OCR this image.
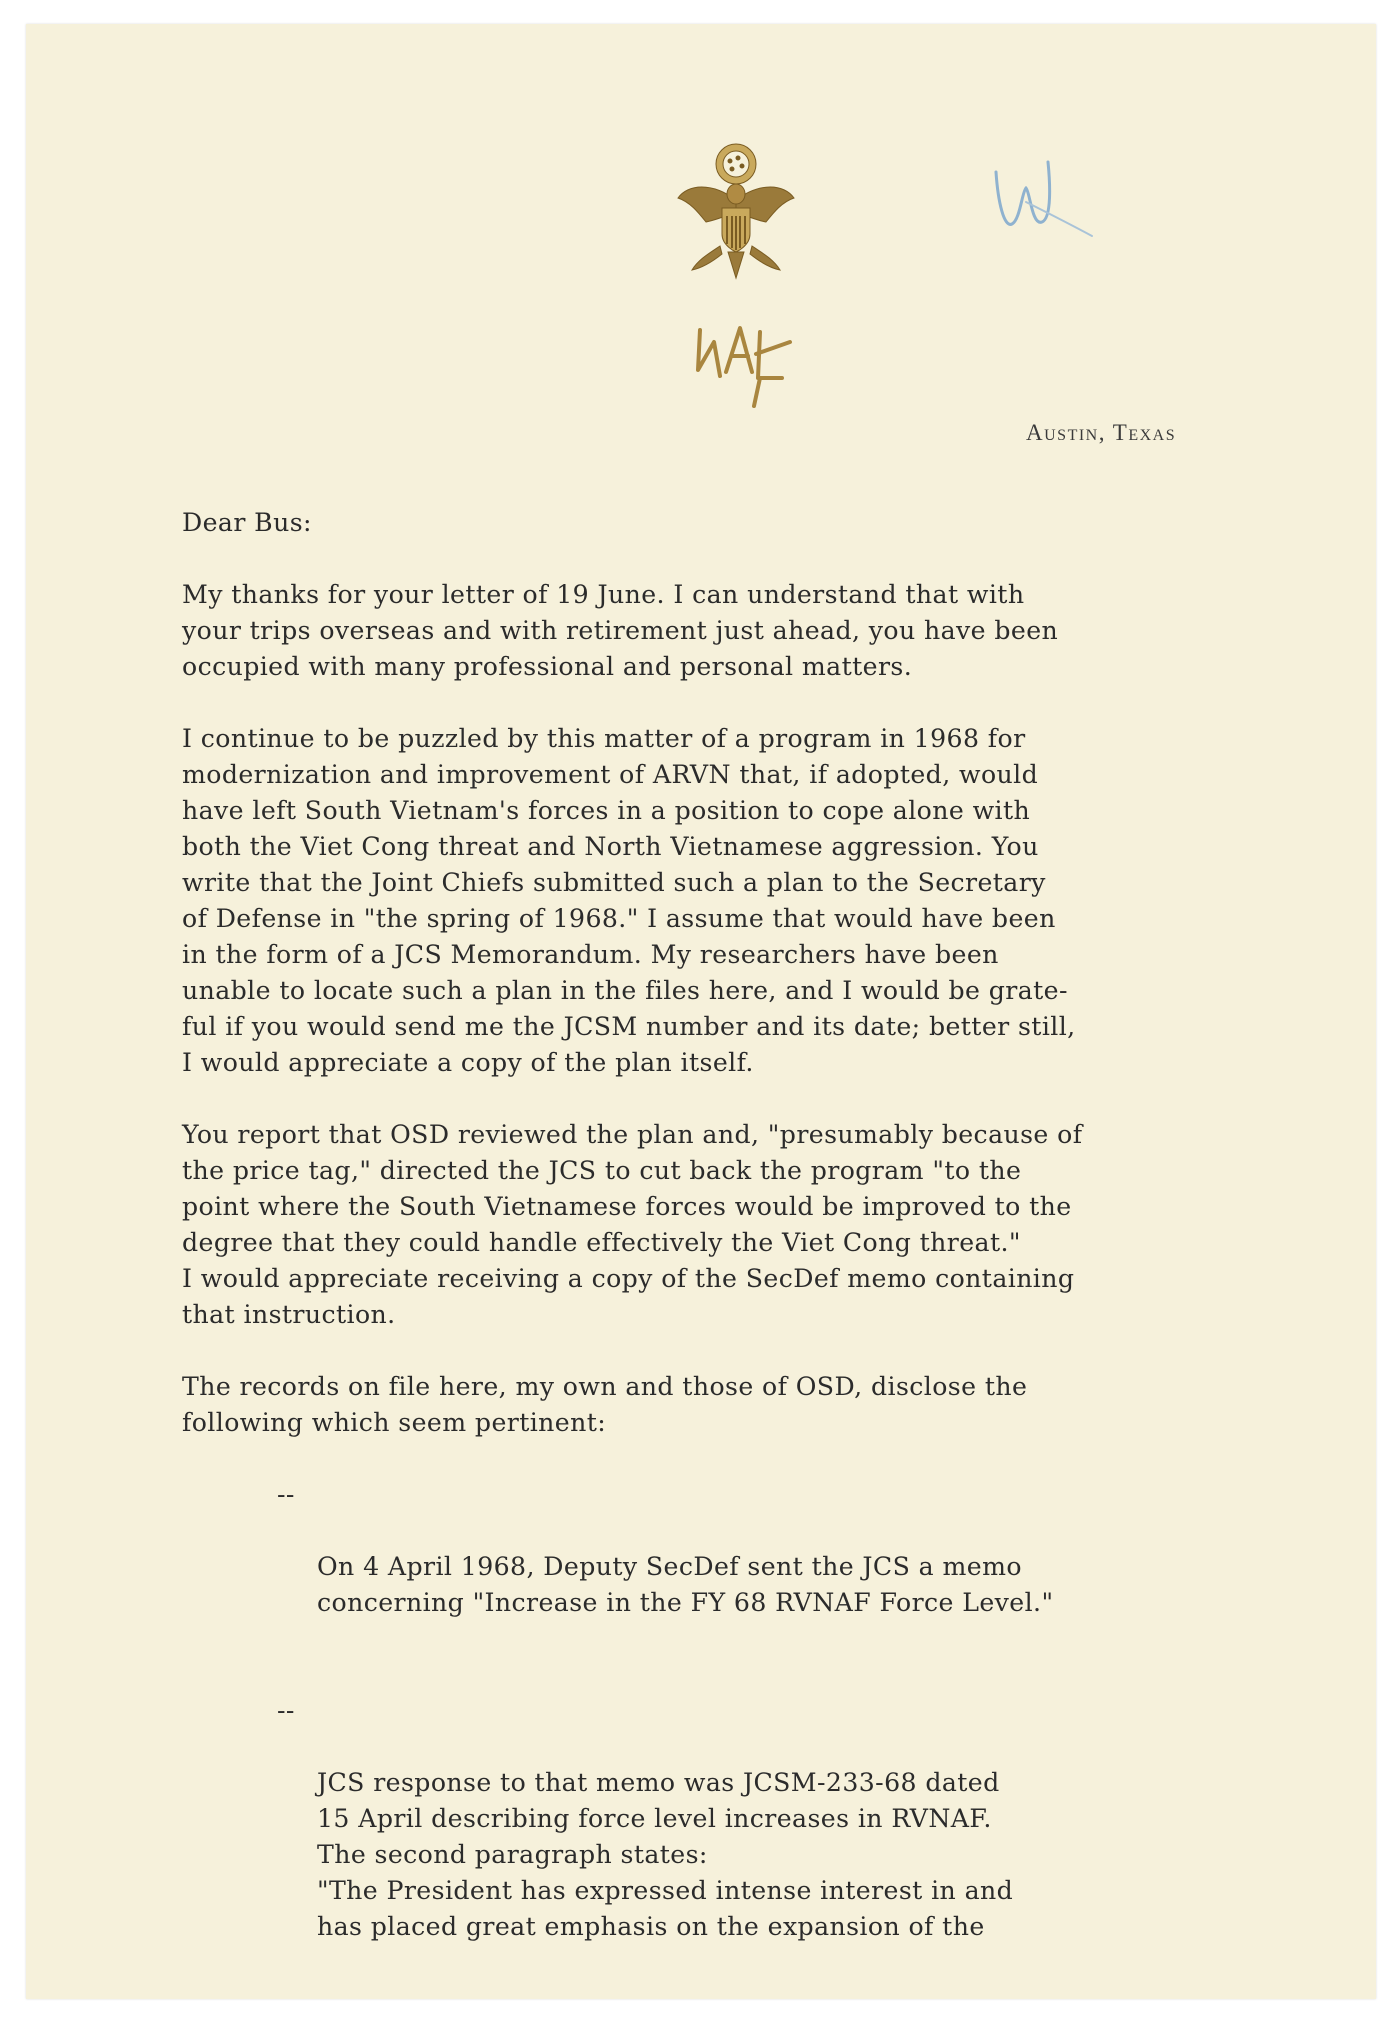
Austin, Texas

Dear Bus:

My thanks for your letter of 19 June. I can understand that with
your trips overseas and with retirement just ahead, you have been
occupied with many professional and personal matters.

I continue to be puzzled by this matter of a program in 1968 for
modernization and improvement of ARVN that, if adopted, would
have left South Vietnam's forces in a position to cope alone with
both the Viet Cong threat and North Vietnamese aggression. You
write that the Joint Chiefs submitted such a plan to the Secretary
of Defense in "the spring of 1968." I assume that would have been
in the form of a JCS Memorandum. My researchers have been
unable to locate such a plan in the files here, and I would be grate-
ful if you would send me the JCSM number and its date; better still,
I would appreciate a copy of the plan itself.

You report that OSD reviewed the plan and, "presumably because of
the price tag," directed the JCS to cut back the program "to the
point where the South Vietnamese forces would be improved to the
degree that they could handle effectively the Viet Cong threat."
I would appreciate receiving a copy of the SecDef memo containing
that instruction.

The records on file here, my own and those of OSD, disclose the
following which seem pertinent:

--

On 4 April 1968, Deputy SecDef sent the JCS a memo
concerning "Increase in the FY 68 RVNAF Force Level."

--

JCS response to that memo was JCSM-233-68 dated
15 April describing force level increases in RVNAF.
The second paragraph states:
"The President has expressed intense interest in and
has placed great emphasis on the expansion of the
